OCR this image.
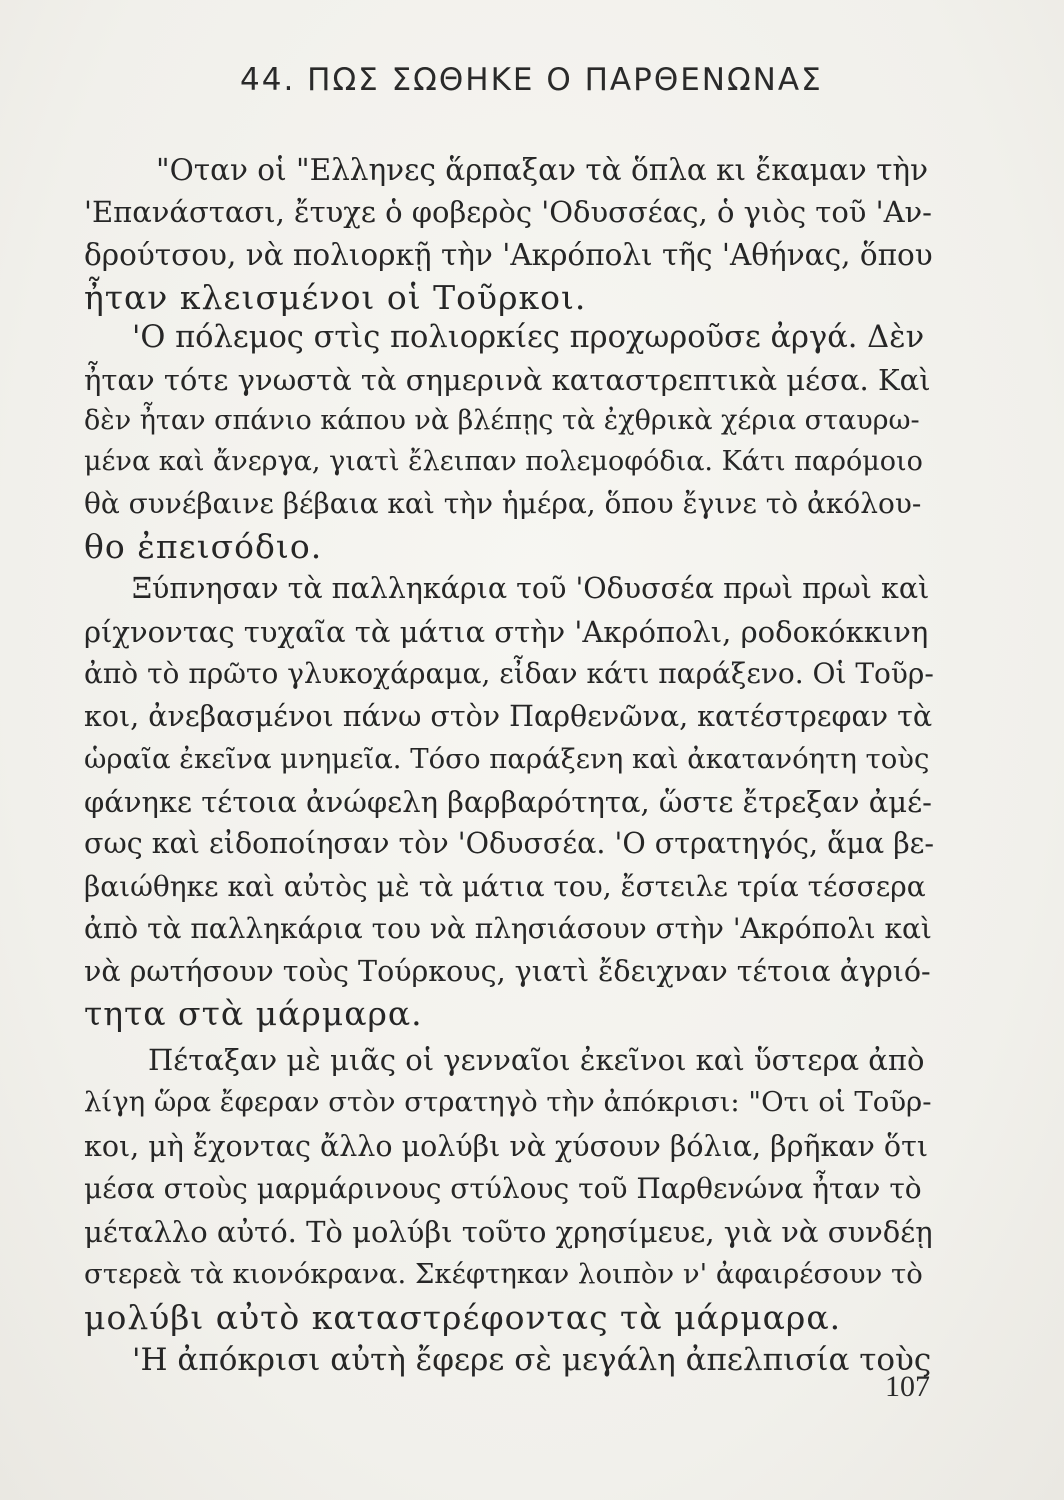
44. ΠΩΣ ΣΩΘΗΚΕ Ο ΠΑΡΘΕΝΩΝΑΣ
"Οταν οἱ "Ελληνες ἅρπαξαν τὰ ὅπλα κι ἔκαμαν τὴν
'Επανάστασι, ἔτυχε ὁ φοβερὸς 'Οδυσσέας, ὁ γιὸς τοῦ 'Αν-
δρούτσου, νὰ πολιορκῇ τὴν 'Ακρόπολι τῆς 'Αθήνας, ὅπου
ἦταν κλεισμένοι οἱ Τοῦρκοι.
'Ο πόλεμος στὶς πολιορκίες προχωροῦσε ἀργά. Δὲν
ἦταν τότε γνωστὰ τὰ σημερινὰ καταστρεπτικὰ μέσα. Καὶ
δὲν ἦταν σπάνιο κάπου νὰ βλέπῃς τὰ ἐχθρικὰ χέρια σταυρω-
μένα καὶ ἄνεργα, γιατὶ ἔλειπαν πολεμοφόδια. Κάτι παρόμοιο
θὰ συνέβαινε βέβαια καὶ τὴν ἡμέρα, ὅπου ἔγινε τὸ ἀκόλου-
θο ἐπεισόδιο.
Ξύπνησαν τὰ παλληκάρια τοῦ 'Οδυσσέα πρωὶ πρωὶ καὶ
ρίχνοντας τυχαῖα τὰ μάτια στὴν 'Ακρόπολι, ροδοκόκκινη
ἀπὸ τὸ πρῶτο γλυκοχάραμα, εἶδαν κάτι παράξενο. Οἱ Τοῦρ-
κοι, ἀνεβασμένοι πάνω στὸν Παρθενῶνα, κατέστρεφαν τὰ
ὡραῖα ἐκεῖνα μνημεῖα. Τόσο παράξενη καὶ ἀκατανόητη τοὺς
φάνηκε τέτοια ἀνώφελη βαρβαρότητα, ὥστε ἔτρεξαν ἀμέ-
σως καὶ εἰδοποίησαν τὸν 'Οδυσσέα. 'Ο στρατηγός, ἅμα βε-
βαιώθηκε καὶ αὐτὸς μὲ τὰ μάτια του, ἔστειλε τρία τέσσερα
ἀπὸ τὰ παλληκάρια του νὰ πλησιάσουν στὴν 'Ακρόπολι καὶ
νὰ ρωτήσουν τοὺς Τούρκους, γιατὶ ἔδειχναν τέτοια ἀγριό-
τητα στὰ μάρμαρα.
Πέταξαν μὲ μιᾶς οἱ γενναῖοι ἐκεῖνοι καὶ ὕστερα ἀπὸ
λίγη ὥρα ἔφεραν στὸν στρατηγὸ τὴν ἀπόκρισι: "Οτι οἱ Τοῦρ-
κοι, μὴ ἔχοντας ἄλλο μολύβι νὰ χύσουν βόλια, βρῆκαν ὅτι
μέσα στοὺς μαρμάρινους στύλους τοῦ Παρθενώνα ἦταν τὸ
μέταλλο αὐτό. Τὸ μολύβι τοῦτο χρησίμευε, γιὰ νὰ συνδέῃ
στερεὰ τὰ κιονόκρανα. Σκέφτηκαν λοιπὸν ν' ἀφαιρέσουν τὸ
μολύβι αὐτὸ καταστρέφοντας τὰ μάρμαρα.
'Η ἀπόκρισι αὐτὴ ἔφερε σὲ μεγάλη ἀπελπισία τοὺς
107
